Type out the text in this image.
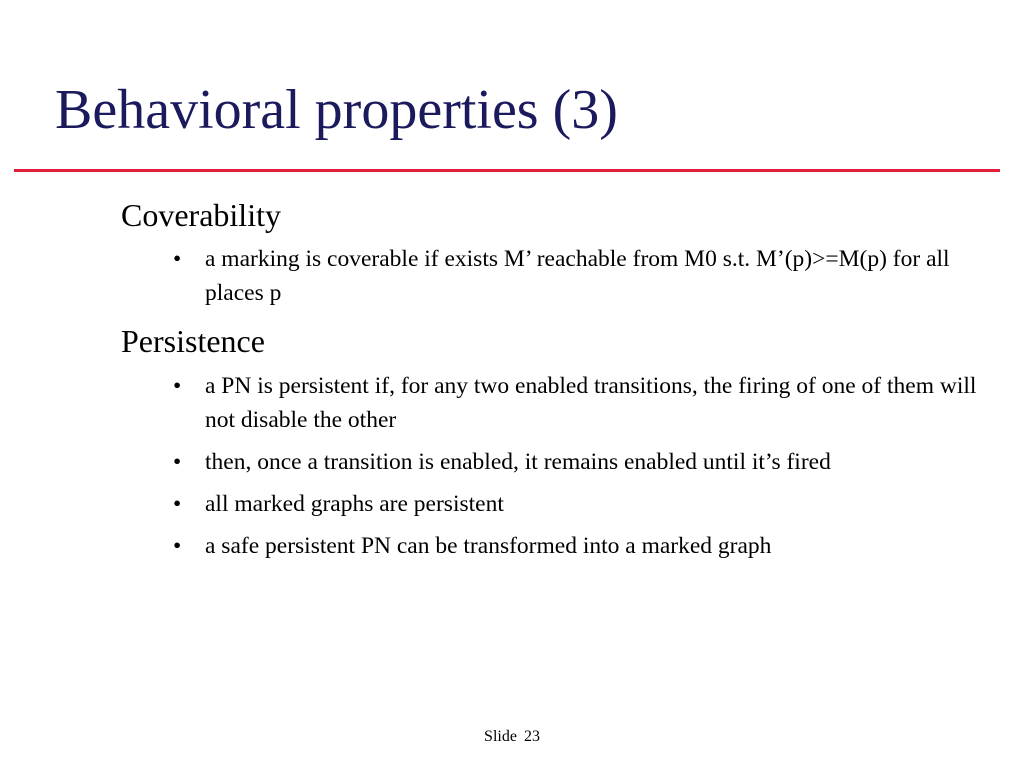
Behavioral properties (3)
Coverability
• a marking is coverable if exists M’ reachable from M0 s.t. M’(p)>=M(p) for all places p
Persistence
• a PN is persistent if, for any two enabled transitions, the firing of one of them will not disable the other
• then, once a transition is enabled, it remains enabled until it’s fired
• all marked graphs are persistent
• a safe persistent PN can be transformed into a marked graph
Slide 23
